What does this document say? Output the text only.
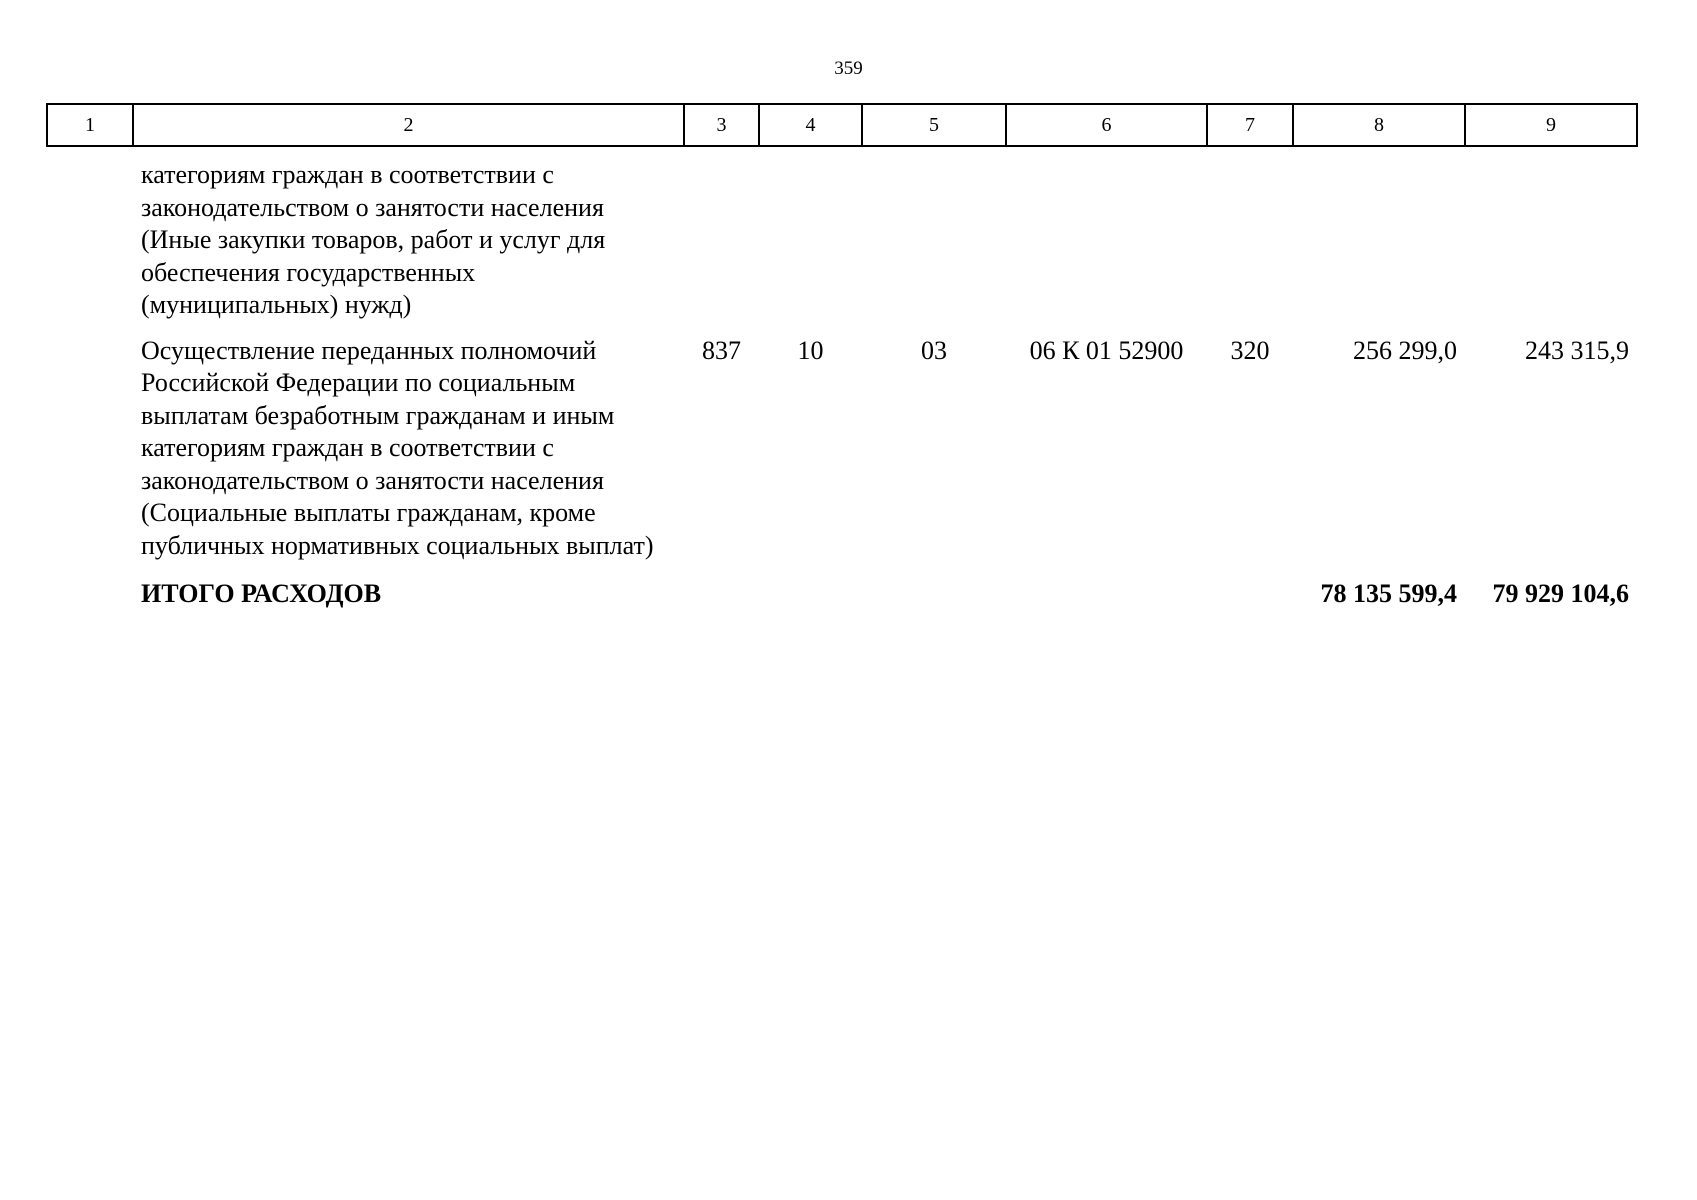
359
1	2	3	4	5	6	7	8	9
	категориям граждан в соответствии с законодательством о занятости населения (Иные закупки товаров, работ и услуг для обеспечения государственных (муниципальных) нужд)							
	Осуществление переданных полномочий Российской Федерации по социальным выплатам безработным гражданам и иным категориям граждан в соответствии с законодательством о занятости населения (Социальные выплаты гражданам, кроме публичных нормативных социальных выплат)	837	10	03	06 К 01 52900	320	256 299,0	243 315,9
	ИТОГО РАСХОДОВ						78 135 599,4	79 929 104,6
